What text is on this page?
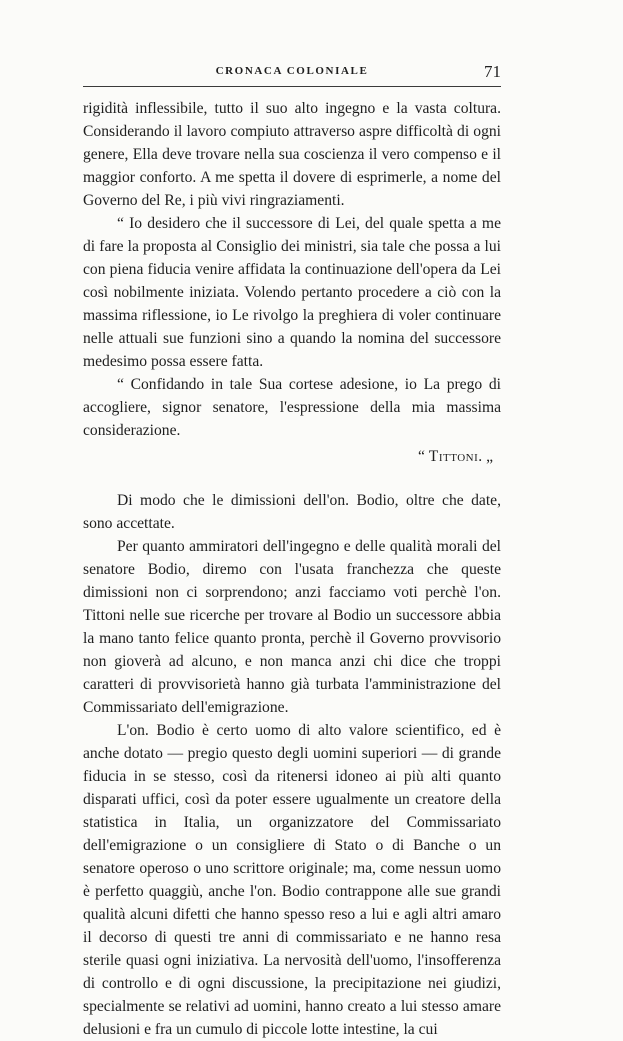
CRONACA COLONIALE	71

rigidità inflessibile, tutto il suo alto ingegno e la vasta coltura. Considerando il lavoro compiuto attraverso aspre difficoltà di ogni genere, Ella deve trovare nella sua coscienza il vero compenso e il maggior conforto. A me spetta il dovere di esprimerle, a nome del Governo del Re, i più vivi ringraziamenti.

“ Io desidero che il successore di Lei, del quale spetta a me di fare la proposta al Consiglio dei ministri, sia tale che possa a lui con piena fiducia venire affidata la continuazione dell'opera da Lei così nobilmente iniziata. Volendo pertanto procedere a ciò con la massima riflessione, io Le rivolgo la preghiera di voler continuare nelle attuali sue funzioni sino a quando la nomina del successore medesimo possa essere fatta.

“ Confidando in tale Sua cortese adesione, io La prego di accogliere, signor senatore, l'espressione della mia massima considerazione.

“ Tittoni. „

Di modo che le dimissioni dell'on. Bodio, oltre che date, sono accettate.

Per quanto ammiratori dell'ingegno e delle qualità morali del senatore Bodio, diremo con l'usata franchezza che queste dimissioni non ci sorprendono; anzi facciamo voti perchè l'on. Tittoni nelle sue ricerche per trovare al Bodio un successore abbia la mano tanto felice quanto pronta, perchè il Governo provvisorio non gioverà ad alcuno, e non manca anzi chi dice che troppi caratteri di provvisorietà hanno già turbata l'amministrazione del Commissariato dell'emigrazione.

L'on. Bodio è certo uomo di alto valore scientifico, ed è anche dotato — pregio questo degli uomini superiori — di grande fiducia in se stesso, così da ritenersi idoneo ai più alti quanto disparati uffici, così da poter essere ugualmente un creatore della statistica in Italia, un organizzatore del Commissariato dell'emigrazione o un consigliere di Stato o di Banche o un senatore operoso o uno scrittore originale; ma, come nessun uomo è perfetto quaggiù, anche l'on. Bodio contrappone alle sue grandi qualità alcuni difetti che hanno spesso reso a lui e agli altri amaro il decorso di questi tre anni di commissariato e ne hanno resa sterile quasi ogni iniziativa. La nervosità dell'uomo, l'insofferenza di controllo e di ogni discussione, la precipitazione nei giudizi, specialmente se relativi ad uomini, hanno creato a lui stesso amare delusioni e fra un cumulo di piccole lotte intestine, la cui
